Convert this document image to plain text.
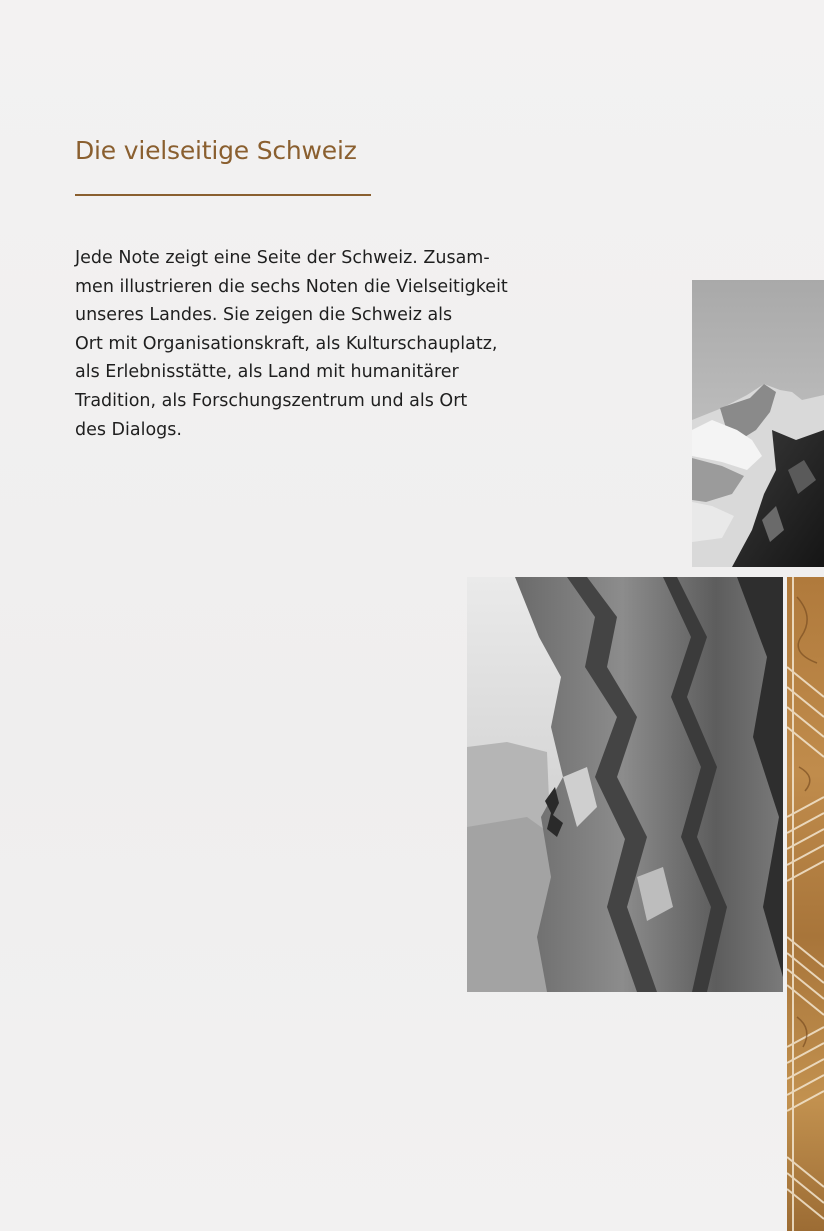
Die vielseitige Schweiz
Jede Note zeigt eine Seite der Schweiz. Zusam-
men illustrieren die sechs Noten die Vielseitigkeit
unseres Landes. Sie zeigen die Schweiz als
Ort mit Organisationskraft, als Kulturschauplatz,
als Erlebnisstätte, als Land mit humanitärer
Tradition, als Forschungszentrum und als Ort
des Dialogs.
